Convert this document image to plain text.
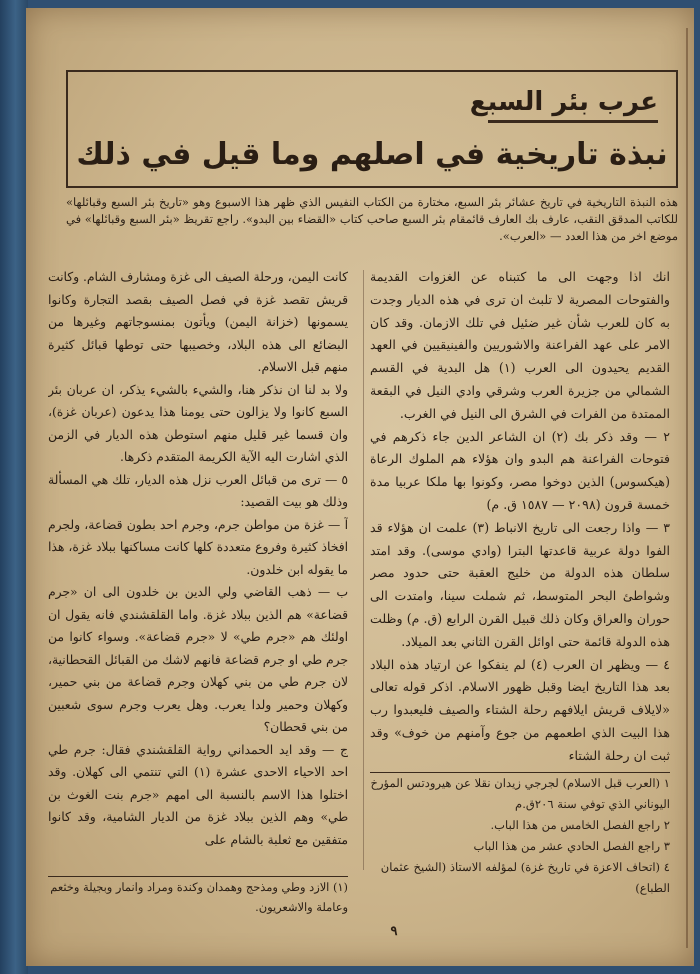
عرب بئر السبع
نبذة تاريخية في اصلهم وما قيل في ذلك
هذه النبذة التاريخية في تاريخ عشائر بئر السبع، مختارة من الكتاب النفيس الذي ظهر هذا الاسبوع وهو «تاريخ بئر السبع وقبائلها» للكاتب المدقق النقب، عارف بك العارف قائمقام بئر السبع صاحب كتاب «القضاء بين البدو». راجع تقريظ «بئر السبع وقبائلها» في موضع اخر من هذا العدد — «العرب».

انك اذا وجهت الى ما كتبناه عن الغزوات القديمة والفتوحات المصرية لا تلبث ان ترى في هذه الديار وجدت به كان للعرب شأن غير ضئيل في تلك الازمان. وقد كان الامر على عهد الفراعنة والاشوريين والفينيقيين في العهد القديم يحيدون الى العرب (١) هل البدية في القسم الشمالي من جزيرة العرب وشرقي وادي النيل في البقعة الممتدة من الفرات في الشرق الى النيل في الغرب.

٢ — وقد ذكر بك (٢) ان الشاعر الدين جاء ذكرهم في فتوحات الفراعنة هم البدو وان هؤلاء هم الملوك الرعاة (هيكسوس) الذين دوخوا مصر، وكونوا بها ملكا عربيا مدة خمسة قرون (٢٠٩٨ — ١٥٨٧ ق. م)

٣ — واذا رجعت الى تاريخ الانباط (٣) علمت ان هؤلاء قد الفوا دولة عربية قاعدتها البترا (وادي موسى). وقد امتد سلطان هذه الدولة من خليج العقبة حتى حدود مصر وشواطئ البحر المتوسط، ثم شملت سينا، وامتدت الى حوران والعراق وكان ذلك قبيل القرن الرابع (ق. م) وظلت هذه الدولة قائمة حتى اوائل القرن الثاني بعد الميلاد.

٤ — ويظهر ان العرب (٤) لم ينفكوا عن ارتياد هذه البلاد بعد هذا التاريخ ايضا وقبل ظهور الاسلام. اذكر قوله تعالى «لايلاف قريش ايلافهم رحلة الشتاء والصيف فليعبدوا رب هذا البيت الذي اطعمهم من جوع وآمنهم من خوف» وقد ثبت ان رحلة الشتاء

كانت اليمن، ورحلة الصيف الى غزة ومشارف الشام. وكانت قريش تقصد غزة في فصل الصيف بقصد التجارة وكانوا يسمونها (خزانة اليمن) ويأتون بمنسوجاتهم وغيرها من البضائع الى هذه البلاد، وخصيبها حتى توطها قبائل كثيرة منهم قبل الاسلام.

ولا بد لنا ان نذكر هنا، والشيء بالشيء يذكر، ان عربان بئر السبع كانوا ولا يزالون حتى يومنا هذا يدعون (عربان غزة)، وان قسما غير قليل منهم استوطن هذه الديار في الزمن الذي اشارت اليه الآية الكريمة المتقدم ذكرها.

٥ — ترى من قبائل العرب نزل هذه الديار، تلك هي المسألة وذلك هو بيت القصيد:

آ — غزة من مواطن جرم، وجرم احد بطون قضاعة، ولجرم افخاذ كثيرة وفروع متعددة كلها كانت مساكنها ببلاد غزة، هذا ما يقوله ابن خلدون.

ب — ذهب القاضي ولي الدين بن خلدون الى ان «جرم قضاعة» هم الذين ببلاد غزة. واما القلقشندي فانه يقول ان اولئك هم «جرم طي» لا «جرم قضاعة». وسواء كانوا من جرم طي او جرم قضاعة فانهم لاشك من القبائل القحطانية، لان جرم طي من بني كهلان وجرم قضاعة من بني حمير، وكهلان وحمير ولدا يعرب. وهل يعرب وجرم سوى شعبين من بني قحطان؟

ج — وقد ايد الحمداني رواية القلقشندي فقال: جرم طي احد الاحياء الاحدى عشرة (١) التي تنتمي الى كهلان. وقد اختلوا هذا الاسم بالنسبة الى امهم «جرم بنت الغوث بن طي» وهم الذين ببلاد غزة من الديار الشامية، وقد كانوا متفقين مع ثعلبة بالشام على

١ (العرب قبل الاسلام) لجرجي زيدان نقلا عن هيرودتس المؤرخ اليوناني الذي توفي سنة ٢٠٦ق.م

٢ راجع الفصل الخامس من هذا الباب.

٣ راجع الفصل الحادي عشر من هذا الباب

٤ (اتحاف الاعزة في تاريخ غزة) لمؤلفه الاستاذ (الشيخ عثمان الطباع)

(١) الازد وطي ومذحج وهمدان وكندة ومراد وانمار وبجيلة وخثعم وعاملة والاشعريون.

٩
